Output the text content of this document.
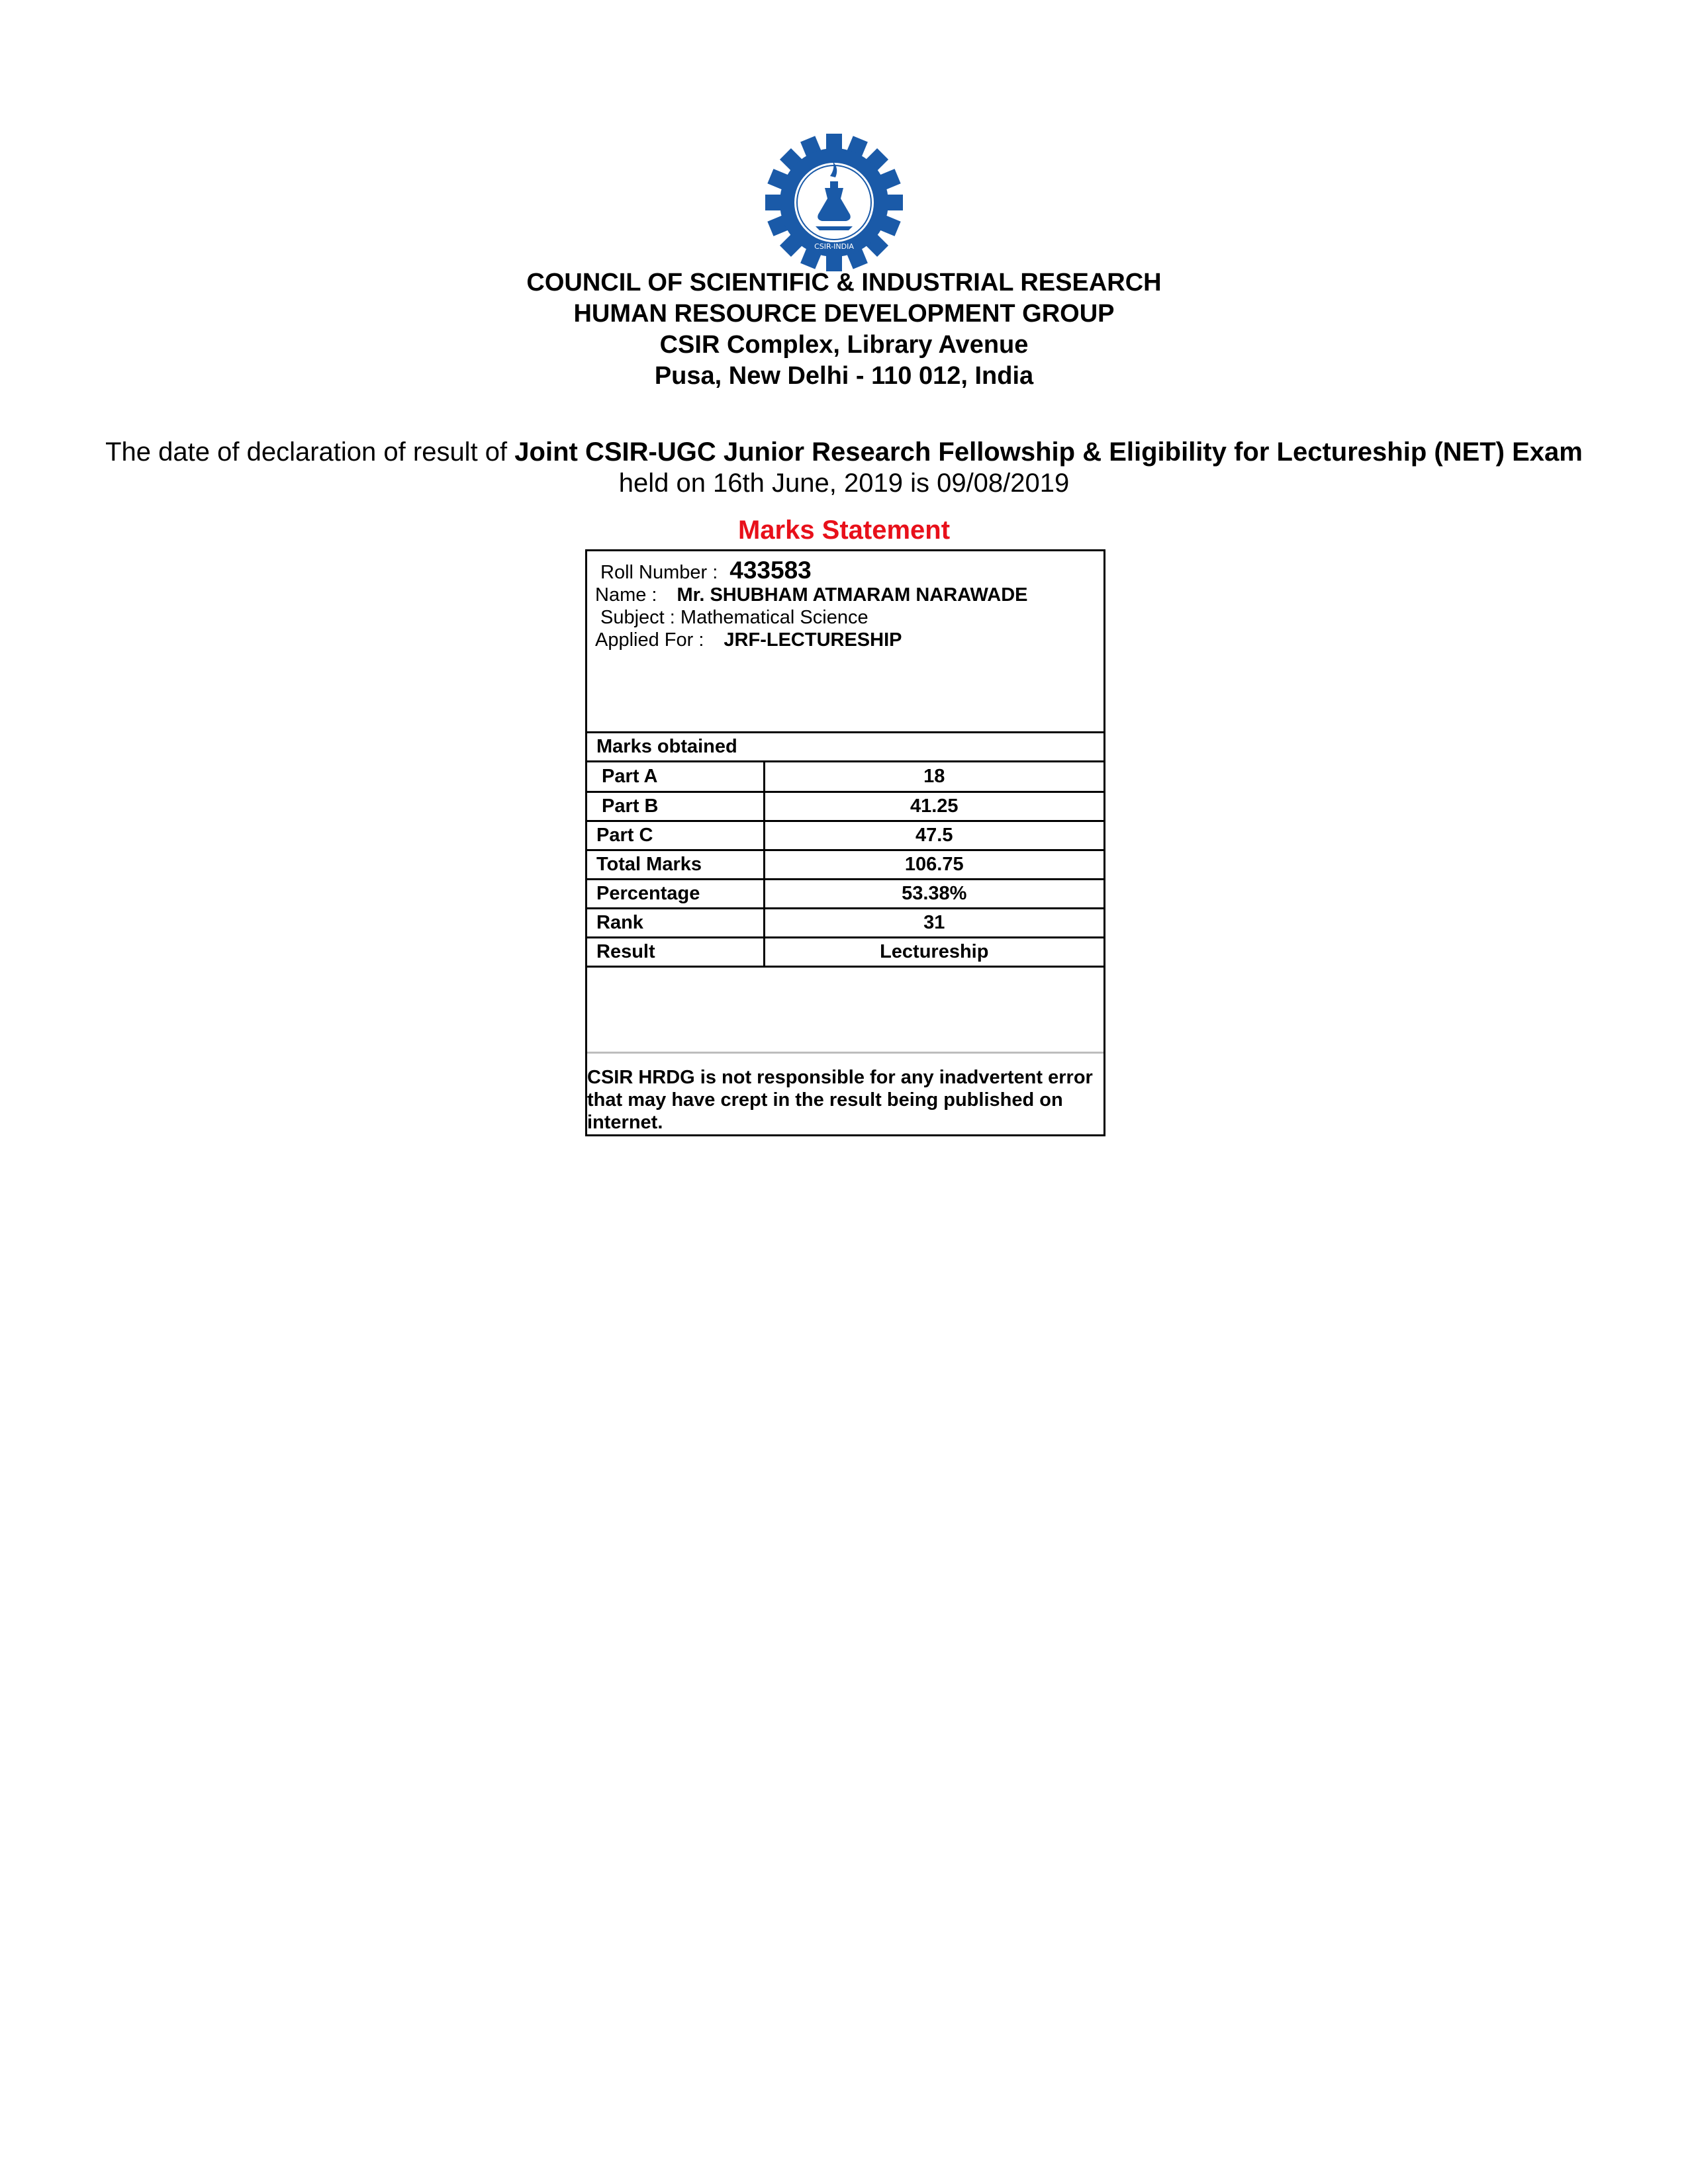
CSIR-INDIA
COUNCIL OF SCIENTIFIC & INDUSTRIAL RESEARCH
HUMAN RESOURCE DEVELOPMENT GROUP
CSIR Complex, Library Avenue
Pusa, New Delhi - 110 012, India
The date of declaration of result of Joint CSIR-UGC Junior Research Fellowship & Eligibility for Lectureship (NET) Exam held on 16th June, 2019 is 09/08/2019
Marks Statement
Roll Number : 433583
Name : Mr. SHUBHAM ATMARAM NARAWADE
Subject : Mathematical Science
Applied For : JRF-LECTURESHIP
Marks obtained
Part A	18
Part B	41.25
Part C	47.5
Total Marks	106.75
Percentage	53.38%
Rank	31
Result	Lectureship
CSIR HRDG is not responsible for any inadvertent error that may have crept in the result being published on internet.
